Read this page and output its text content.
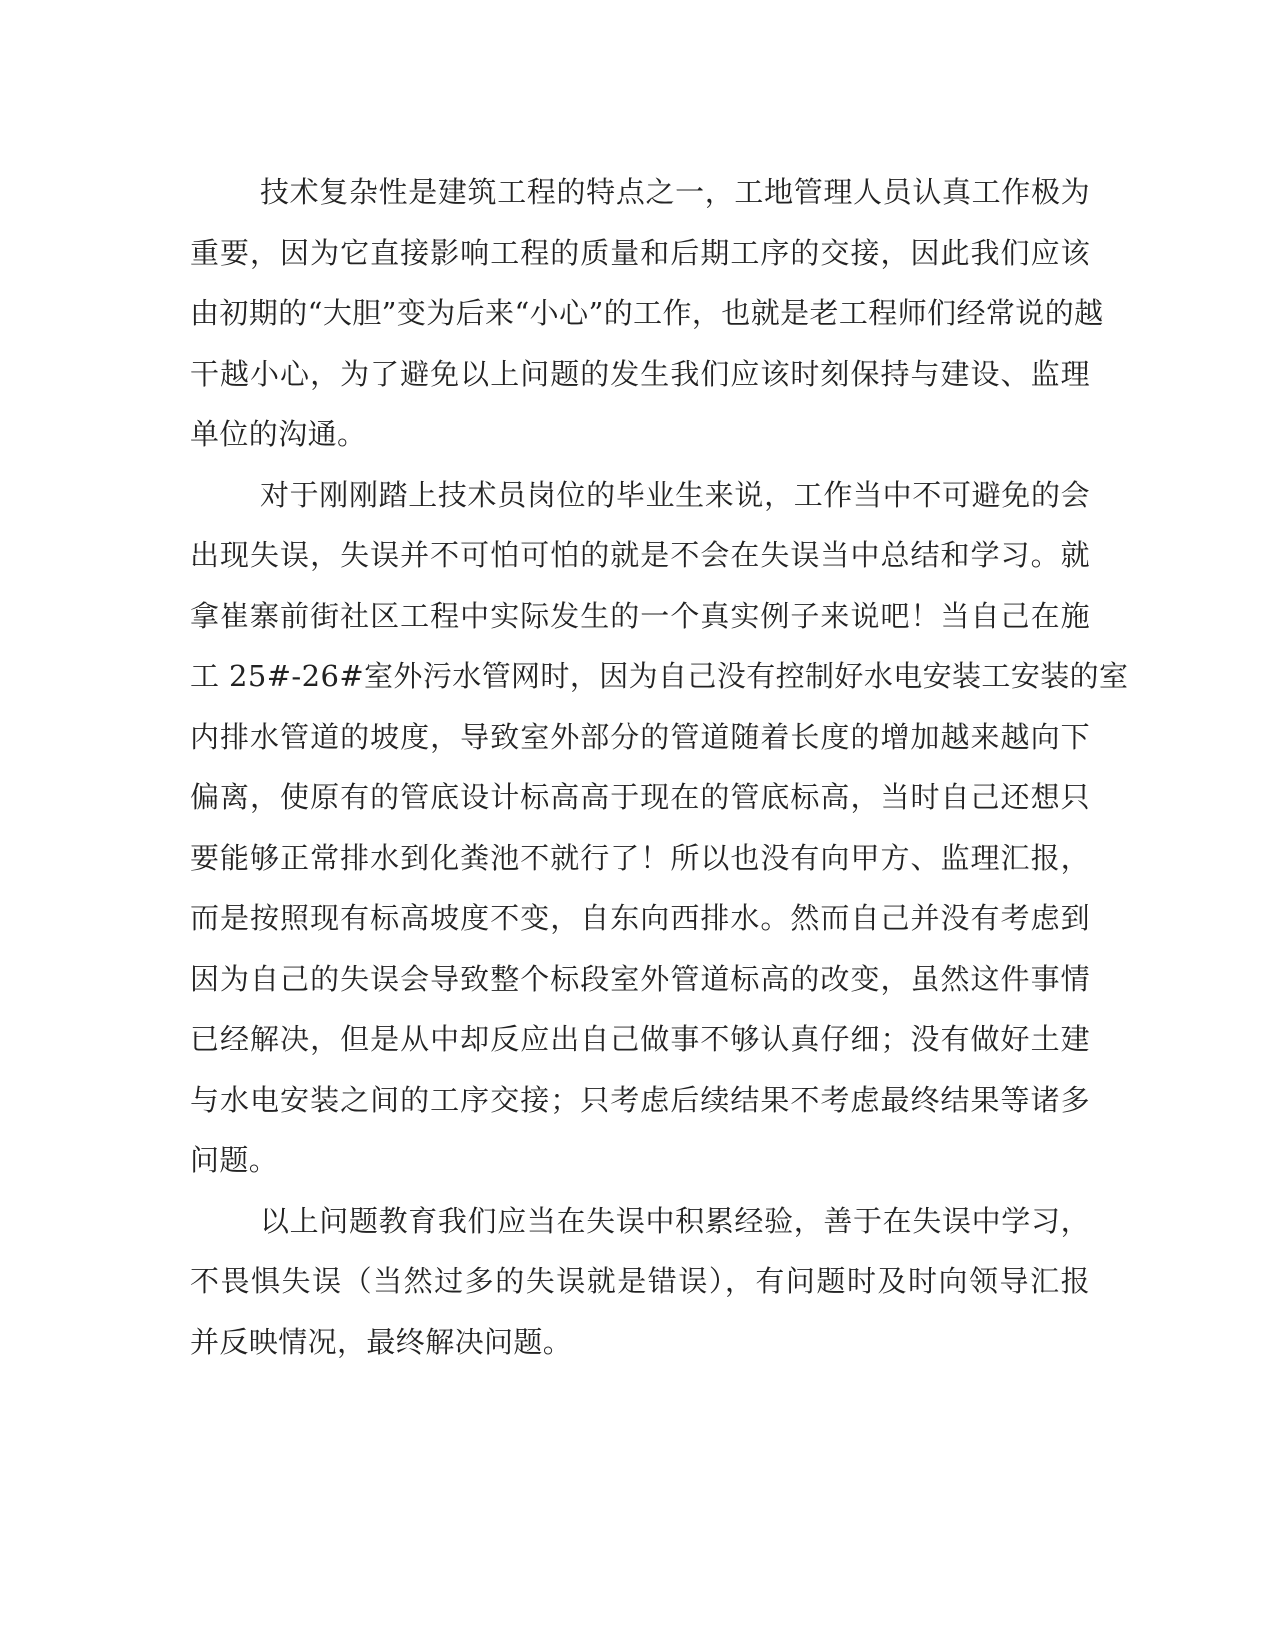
技术复杂性是建筑工程的特点之一，工地管理人员认真工作极为
重要，因为它直接影响工程的质量和后期工序的交接，因此我们应该
由初期的“大胆”变为后来“小心”的工作，也就是老工程师们经常说的越
干越小心，为了避免以上问题的发生我们应该时刻保持与建设、监理
单位的沟通。
对于刚刚踏上技术员岗位的毕业生来说，工作当中不可避免的会
出现失误，失误并不可怕可怕的就是不会在失误当中总结和学习。就
拿崔寨前街社区工程中实际发生的一个真实例子来说吧！当自己在施
工 25#-26#室外污水管网时，因为自己没有控制好水电安装工安装的室
内排水管道的坡度，导致室外部分的管道随着长度的增加越来越向下
偏离，使原有的管底设计标高高于现在的管底标高，当时自己还想只
要能够正常排水到化粪池不就行了！所以也没有向甲方、监理汇报，
而是按照现有标高坡度不变，自东向西排水。然而自己并没有考虑到
因为自己的失误会导致整个标段室外管道标高的改变，虽然这件事情
已经解决，但是从中却反应出自己做事不够认真仔细；没有做好土建
与水电安装之间的工序交接；只考虑后续结果不考虑最终结果等诸多
问题。
以上问题教育我们应当在失误中积累经验，善于在失误中学习，
不畏惧失误（当然过多的失误就是错误），有问题时及时向领导汇报
并反映情况，最终解决问题。
